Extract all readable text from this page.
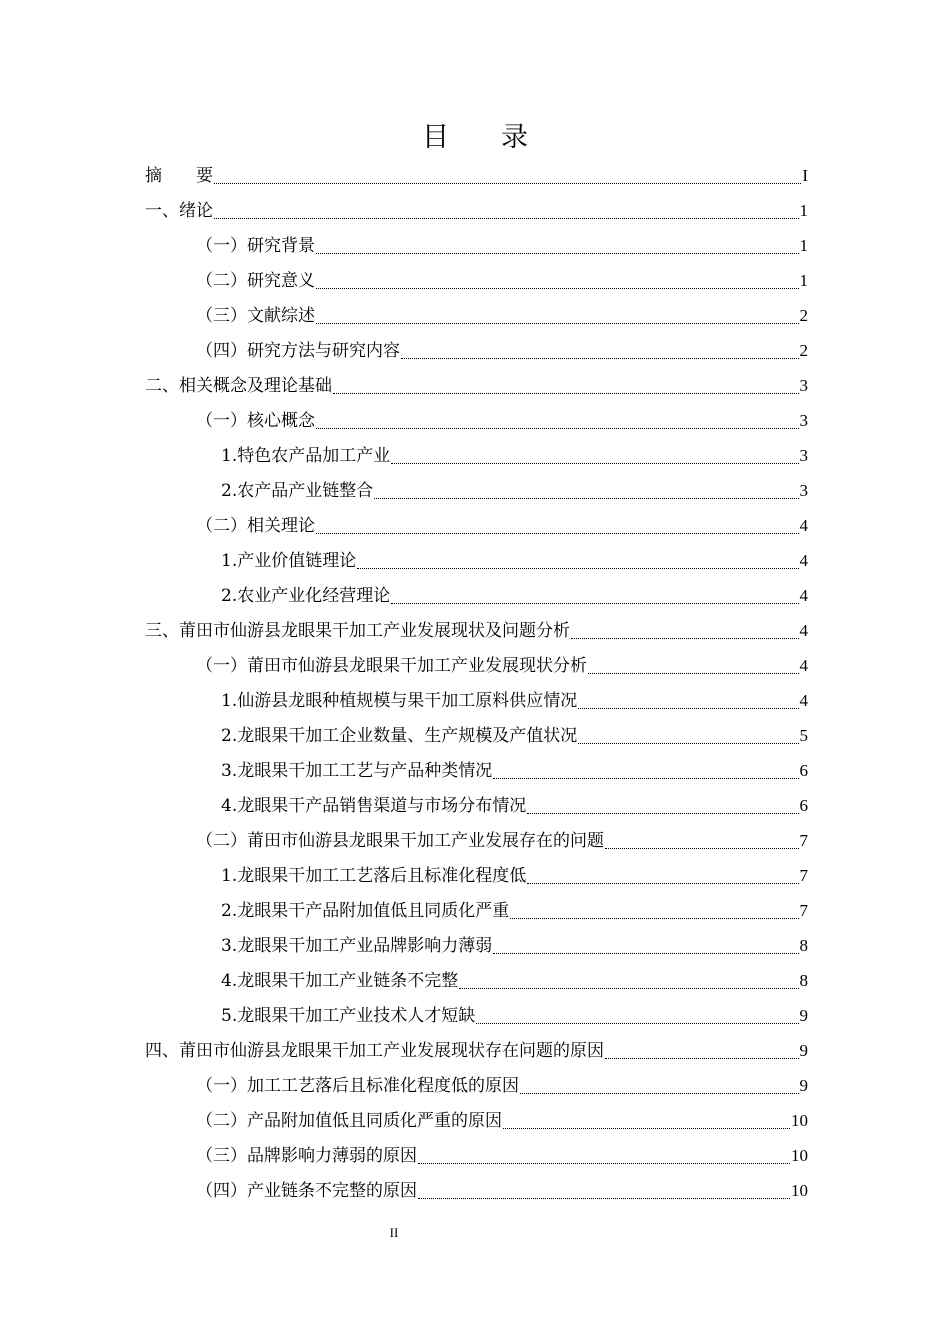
目 录
摘　　要	I
一、绪论	1
（一）研究背景	1
（二）研究意义	1
（三）文献综述	2
（四）研究方法与研究内容	2
二、相关概念及理论基础	3
（一）核心概念	3
1.特色农产品加工产业	3
2.农产品产业链整合	3
（二）相关理论	4
1.产业价值链理论	4
2.农业产业化经营理论	4
三、莆田市仙游县龙眼果干加工产业发展现状及问题分析	4
（一）莆田市仙游县龙眼果干加工产业发展现状分析	4
1.仙游县龙眼种植规模与果干加工原料供应情况	4
2.龙眼果干加工企业数量、生产规模及产值状况	5
3.龙眼果干加工工艺与产品种类情况	6
4.龙眼果干产品销售渠道与市场分布情况	6
（二）莆田市仙游县龙眼果干加工产业发展存在的问题	7
1.龙眼果干加工工艺落后且标准化程度低	7
2.龙眼果干产品附加值低且同质化严重	7
3.龙眼果干加工产业品牌影响力薄弱	8
4.龙眼果干加工产业链条不完整	8
5.龙眼果干加工产业技术人才短缺	9
四、莆田市仙游县龙眼果干加工产业发展现状存在问题的原因	9
（一）加工工艺落后且标准化程度低的原因	9
（二）产品附加值低且同质化严重的原因	10
（三）品牌影响力薄弱的原因	10
（四）产业链条不完整的原因	10
II
